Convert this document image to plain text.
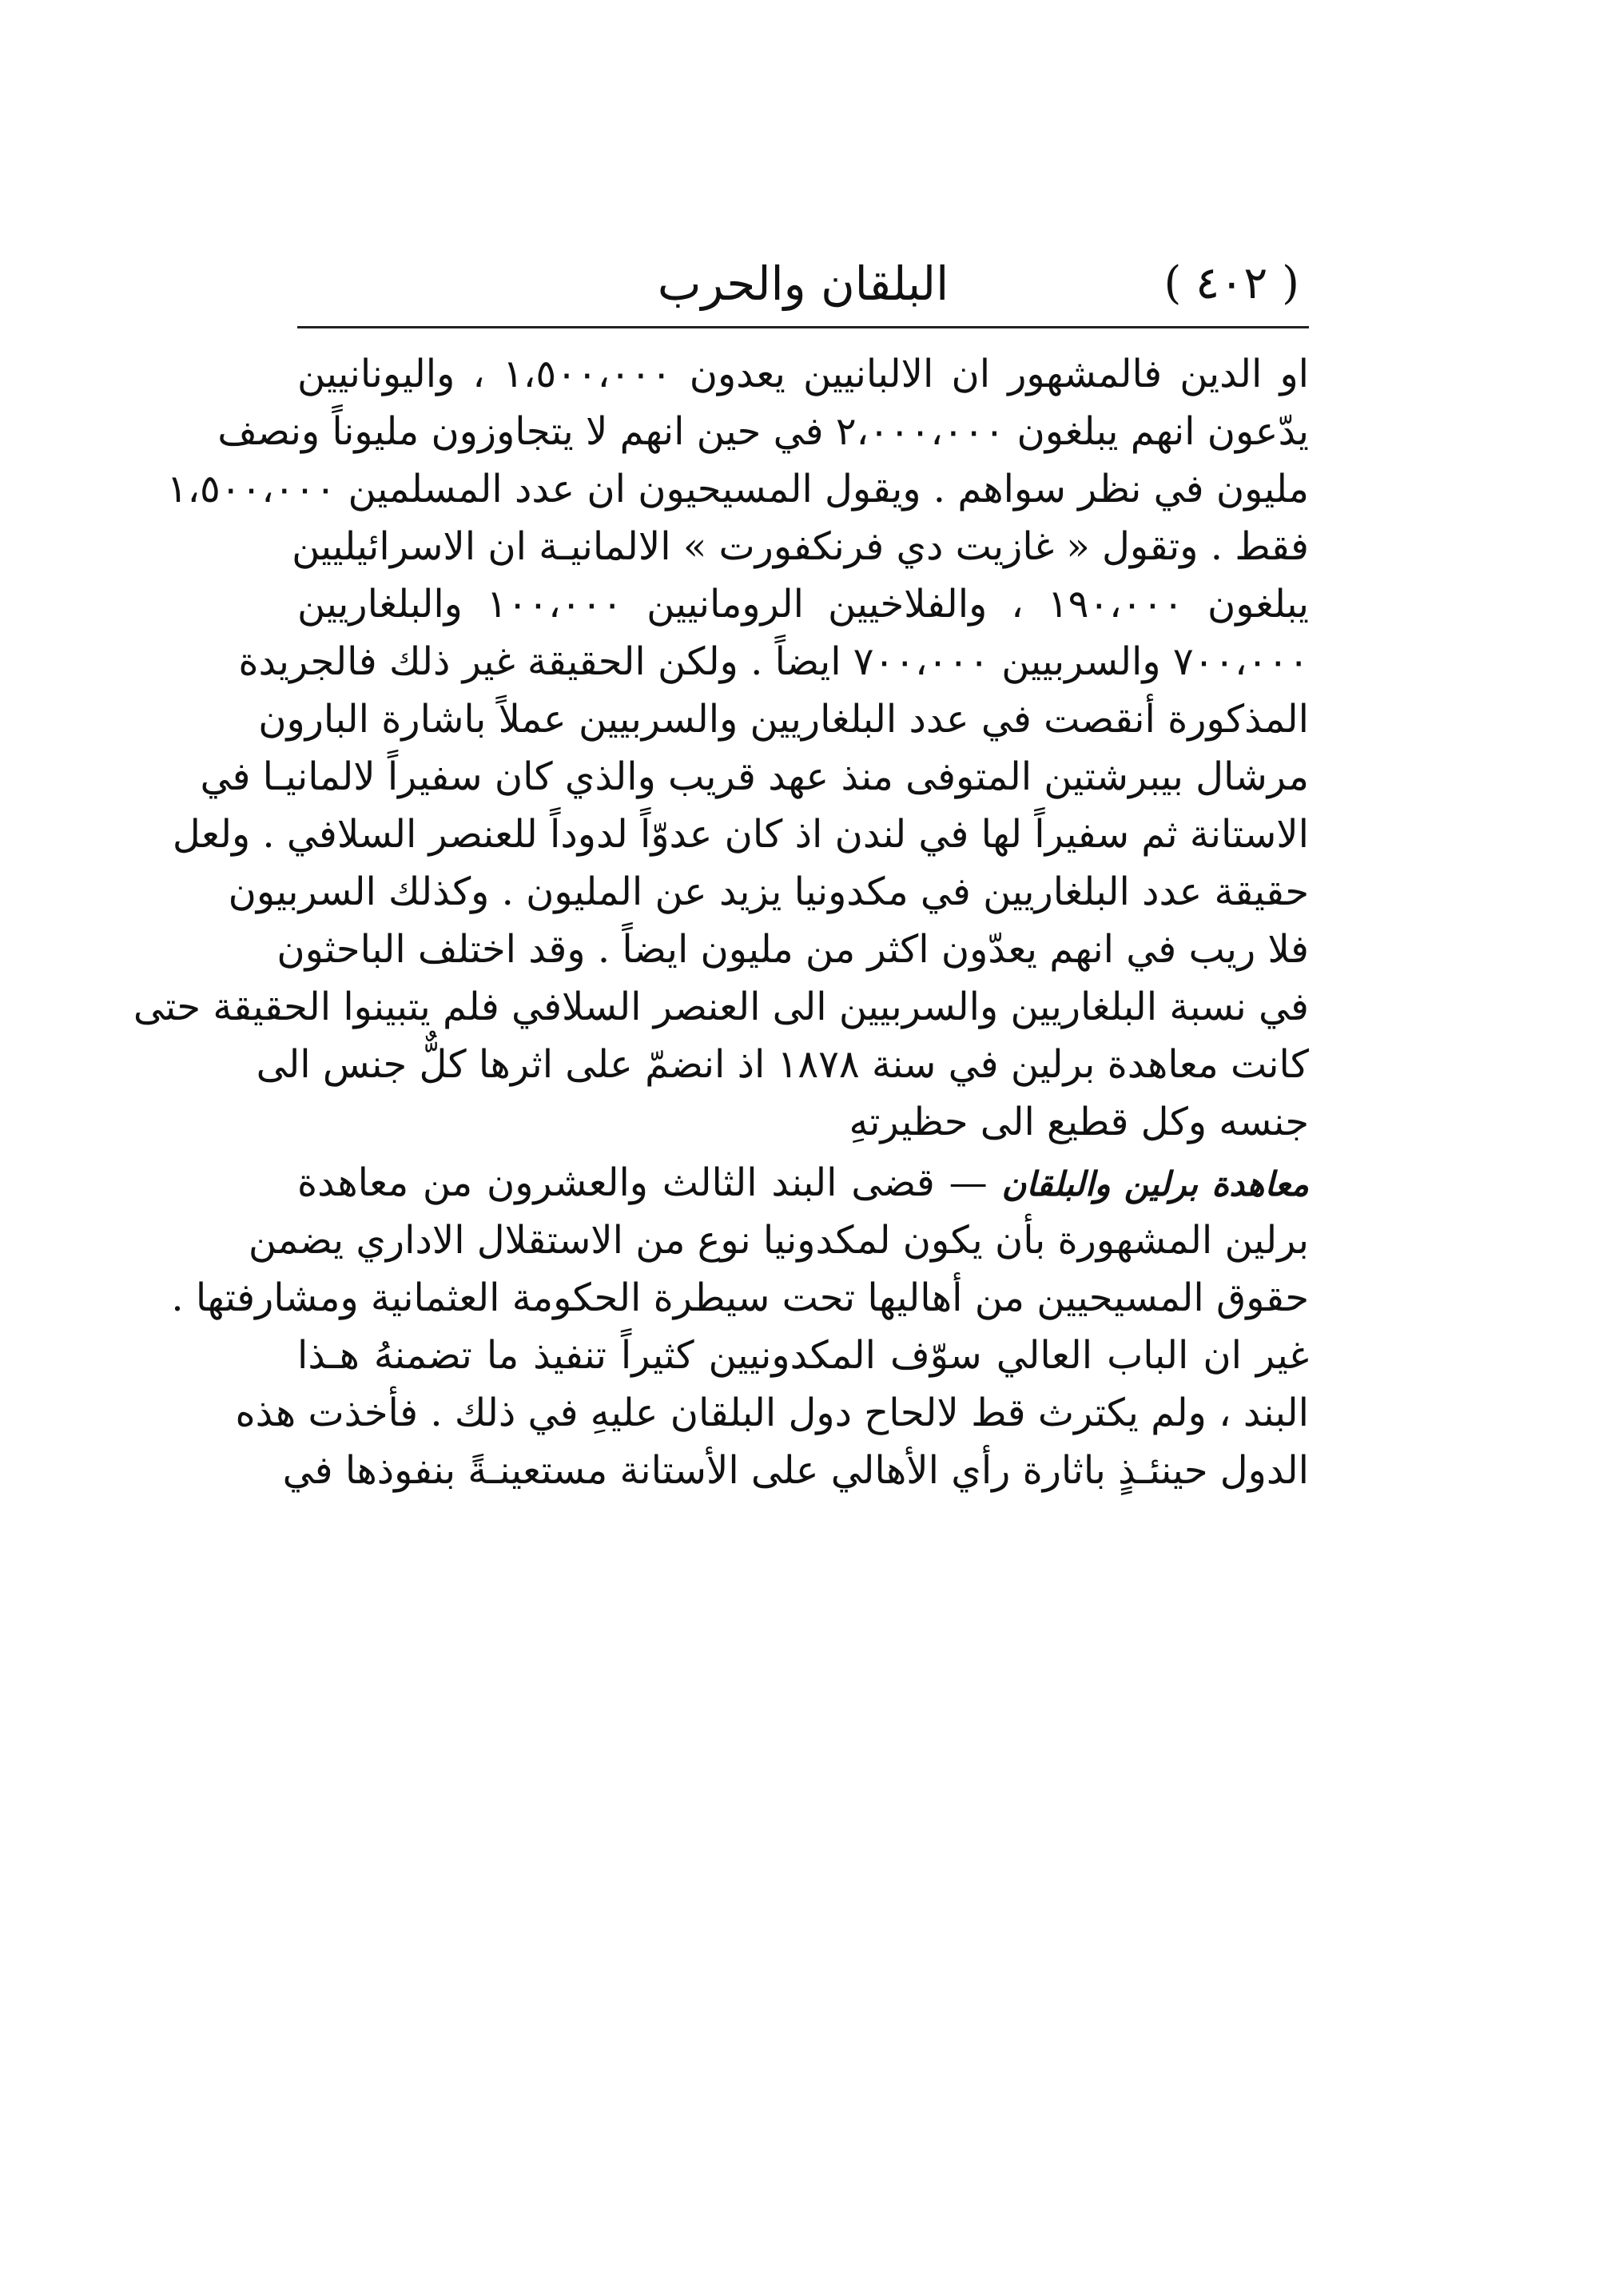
( ٤٠٢ )
البلقان والحرب
او الدين فالمشهور ان الالبانيين يعدون ١،٥٠٠،٠٠٠ ، واليونانيين
يدّعون انهم يبلغون ٢،٠٠٠،٠٠٠ في حين انهم لا يتجاوزون مليوناً ونصف
مليون في نظر سواهم . ويقول المسيحيون ان عدد المسلمين ١،٥٠٠،٠٠٠
فقط . وتقول « غازيت دي فرنكفورت » الالمانيـة ان الاسرائيليين
يبلغون ١٩٠،٠٠٠ ، والفلاخيين الرومانيين ١٠٠،٠٠٠ والبلغاريين
٧٠٠،٠٠٠ والسربيين ٧٠٠،٠٠٠ ايضاً . ولكن الحقيقة غير ذلك فالجريدة
المذكورة أنقصت في عدد البلغاريين والسربيين عملاً باشارة البارون
مرشال بيبرشتين المتوفى منذ عهد قريب والذي كان سفيراً لالمانيـا في
الاستانة ثم سفيراً لها في لندن اذ كان عدوّاً لدوداً للعنصر السلافي . ولعل
حقيقة عدد البلغاريين في مكدونيا يزيد عن المليون . وكذلك السربيون
فلا ريب في انهم يعدّون اكثر من مليون ايضاً . وقد اختلف الباحثون
في نسبة البلغاريين والسربيين الى العنصر السلافي فلم يتبينوا الحقيقة حتى
كانت معاهدة برلين في سنة ١٨٧٨ اذ انضمّ على اثرها كلٌّ جنس الى
جنسه وكل قطيع الى حظيرتهِ
معاهدة برلين والبلقان — قضى البند الثالث والعشرون من معاهدة
برلين المشهورة بأن يكون لمكدونيا نوع من الاستقلال الاداري يضمن
حقوق المسيحيين من أهاليها تحت سيطرة الحكومة العثمانية ومشارفتها .
غير ان الباب العالي سوّف المكدونيين كثيراً تنفيذ ما تضمنهُ هـذا
البند ، ولم يكترث قط لالحاح دول البلقان عليهِ في ذلك . فأخذت هذه
الدول حينئـذٍ باثارة رأي الأهالي على الأستانة مستعينـةً بنفوذها في
